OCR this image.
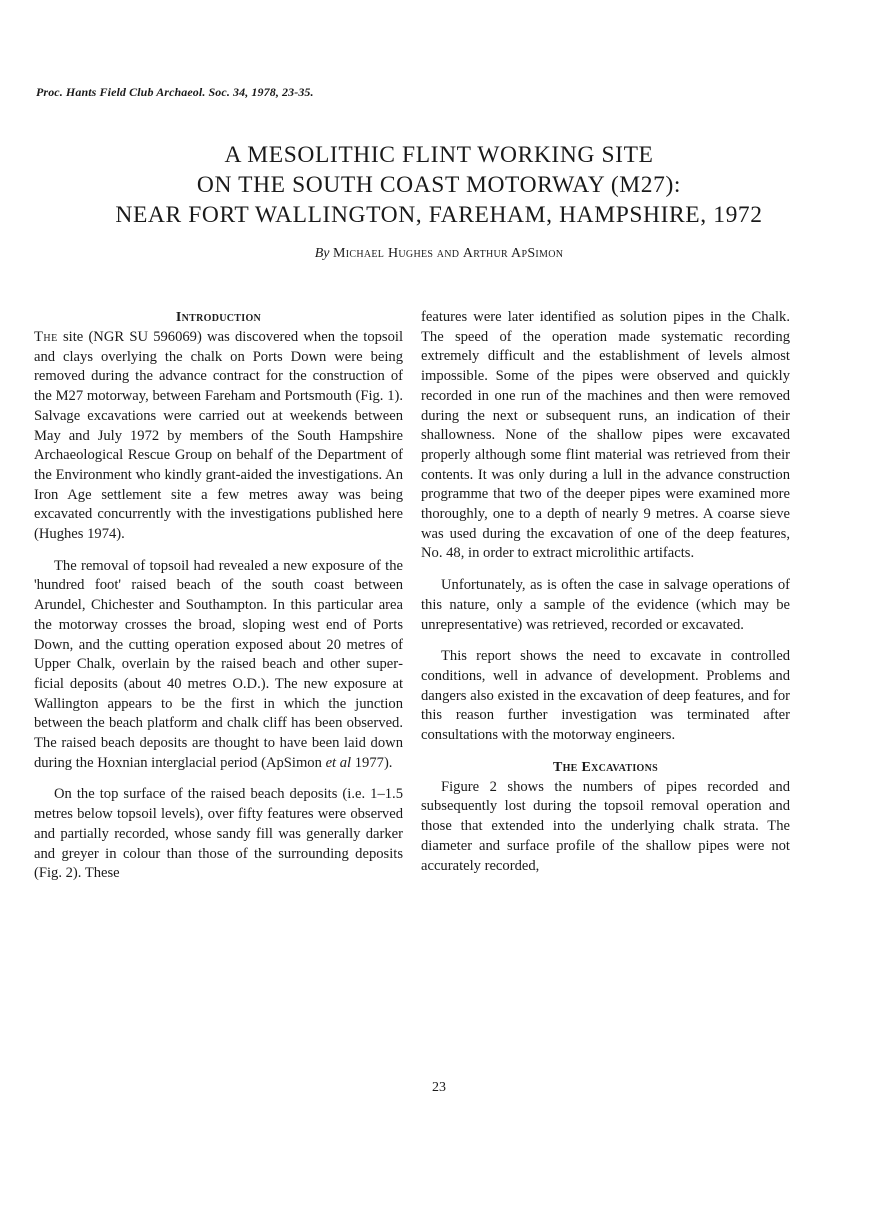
Proc. Hants Field Club Archaeol. Soc. 34, 1978, 23-35.
A MESOLITHIC FLINT WORKING SITE
ON THE SOUTH COAST MOTORWAY (M27):
NEAR FORT WALLINGTON, FAREHAM, HAMPSHIRE, 1972
By Michael Hughes and Arthur ApSimon
Introduction

The site (NGR SU 596069) was discovered when the topsoil and clays overlying the chalk on Ports Down were being removed during the advance contract for the construction of the M27 motorway, between Fareham and Portsmouth (Fig. 1). Salvage excavations were carried out at weekends between May and July 1972 by members of the South Hampshire Archaeological Rescue Group on behalf of the Department of the Environment who kindly grant-aided the investigations. An Iron Age settlement site a few metres away was being excavated concurrently with the investigations published here (Hughes 1974).

The removal of topsoil had revealed a new exposure of the 'hundred foot' raised beach of the south coast between Arundel, Chichester and Southampton. In this particular area the motorway crosses the broad, sloping west end of Ports Down, and the cutting operation exposed about 20 metres of Upper Chalk, overlain by the raised beach and other superficial deposits (about 40 metres O.D.). The new exposure at Wallington appears to be the first in which the junction between the beach platform and chalk cliff has been observed. The raised beach deposits are thought to have been laid down during the Hoxnian interglacial period (ApSimon et al 1977).

On the top surface of the raised beach deposits (i.e. 1–1.5 metres below topsoil levels), over fifty features were observed and partially recorded, whose sandy fill was generally darker and greyer in colour than those of the surrounding deposits (Fig. 2). These

features were later identified as solution pipes in the Chalk. The speed of the operation made systematic recording extremely difficult and the establishment of levels almost impossible. Some of the pipes were observed and quickly recorded in one run of the machines and then were removed during the next or subsequent runs, an indication of their shallowness. None of the shallow pipes were excavated properly although some flint material was retrieved from their contents. It was only during a lull in the advance construction programme that two of the deeper pipes were examined more thoroughly, one to a depth of nearly 9 metres. A coarse sieve was used during the excavation of one of the deep features, No. 48, in order to extract microlithic artifacts.

Unfortunately, as is often the case in salvage operations of this nature, only a sample of the evidence (which may be unrepresentative) was retrieved, recorded or excavated.

This report shows the need to excavate in controlled conditions, well in advance of development. Problems and dangers also existed in the excavation of deep features, and for this reason further investigation was terminated after consultations with the motorway engineers.

The Excavations

Figure 2 shows the numbers of pipes recorded and subsequently lost during the topsoil removal operation and those that extended into the underlying chalk strata. The diameter and surface profile of the shallow pipes were not accurately recorded,

23
